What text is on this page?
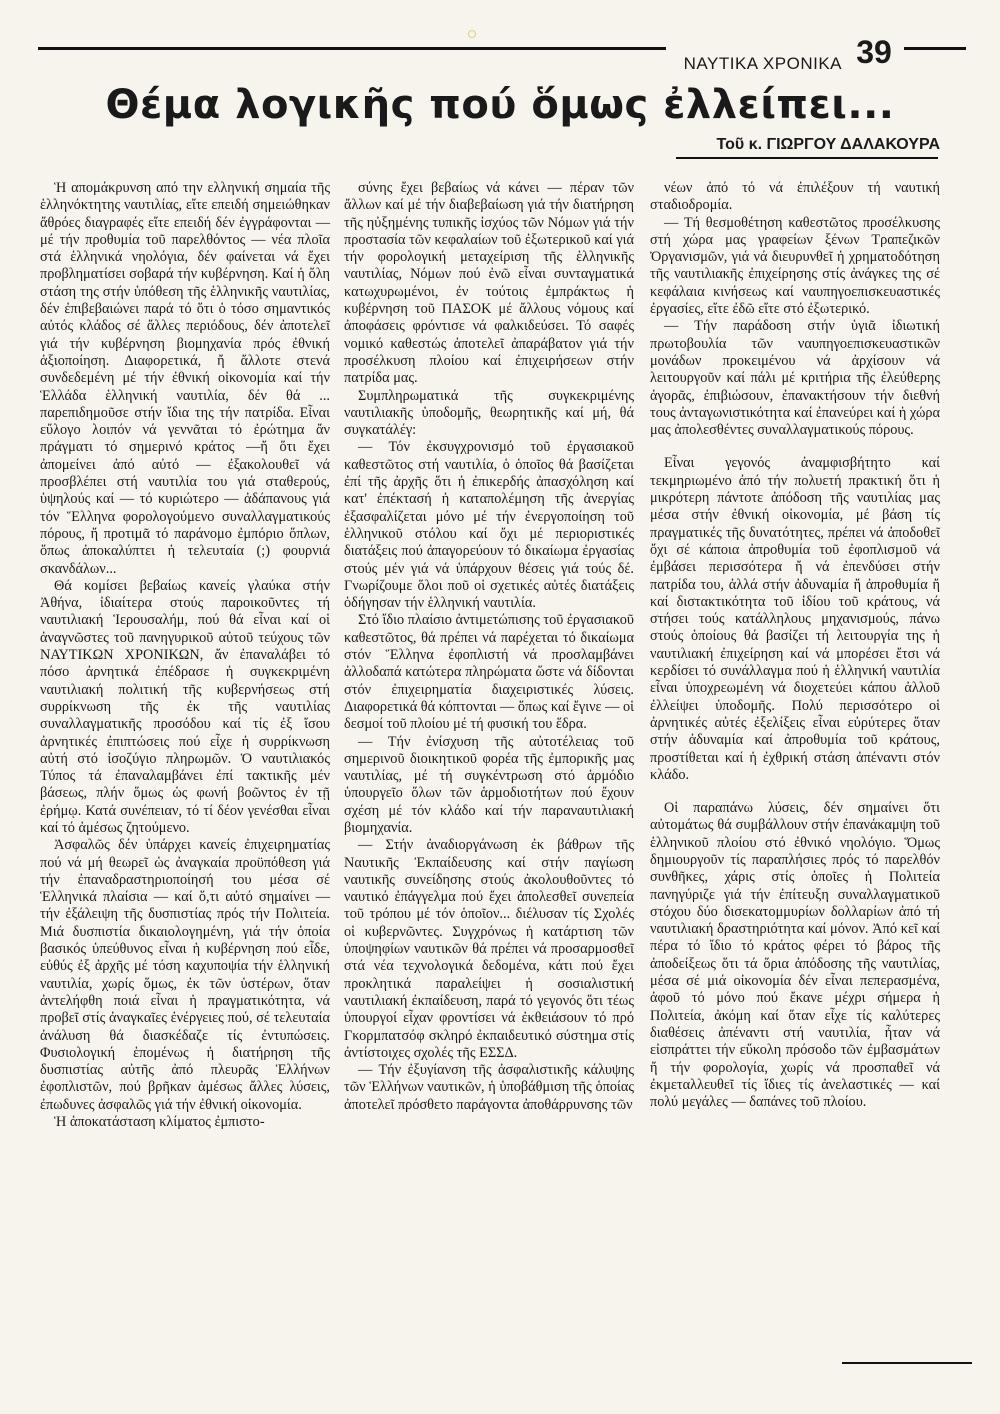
ΝΑΥΤΙΚΑ ΧΡΟΝΙΚΑ 39
Θέμα λογικῆς πού ὅμως ἐλλείπει...
Τοῦ κ. ΓΙΩΡΓΟΥ ΔΑΛΑΚΟΥΡΑ

Ἡ απομάκρυνση από την ελληνική σημαία τῆς ἑλληνόκτητης ναυτιλίας, εἴτε επειδή σημειώθηκαν ἄθρόες διαγραφές εἴτε επειδή δέν ἐγγράφονται — μέ τήν προθυμία τοῦ παρελθόντος — νέα πλοῖα στά ἑλληνικά νηολόγια, δέν φαίνεται νά ἔχει προβληματίσει σοβαρά τήν κυβέρνηση. Καί ἡ ὅλη στάση της στήν ὑπόθεση τῆς ἑλληνικῆς ναυτιλίας, δέν ἐπιβεβαιώνει παρά τό ὅτι ὁ τόσο σημαντικός αὐτός κλάδος σέ ἄλλες περιόδους, δέν ἀποτελεῖ γιά τήν κυβέρνηση βιομηχανία πρός ἐθνική ἀξιοποίηση. Διαφορετικά, ἤ ἄλλοτε στενά συνδεδεμένη μέ τήν ἐθνική οἰκονομία καί τήν Ἑλλάδα ἑλληνική ναυτιλία, δέν θά ... παρεπιδημοῦσε στήν ἴδια της τήν πατρίδα. Εἶναι εὔλογο λοιπόν νά γεννᾶται τό ἐρώτημα ἄν πράγματι τό σημερινό κράτος —ἤ ὅτι ἔχει ἀπομείνει ἀπό αὐτό — ἐξακολουθεῖ νά προσβλέπει στή ναυτιλία του γιά σταθερούς, ὑψηλούς καί — τό κυριώτερο — ἀδάπανους γιά τόν Ἕλληνα φορολογούμενο συναλλαγματικούς πόρους, ἤ προτιμᾶ τό παράνομο ἐμπόριο ὅπλων, ὅπως ἀποκαλύπτει ἡ τελευταία (;) φουρνιά σκανδάλων...

Θά κομίσει βεβαίως κανείς γλαύκα στήν Ἀθήνα, ἰδιαίτερα στούς παροικοῦντες τή ναυτιλιακή Ἱερουσαλήμ, πού θά εἶναι καί οἱ ἀναγνῶστες τοῦ πανηγυρικοῦ αὐτοῦ τεύχους τῶν ΝΑΥΤΙΚΩΝ ΧΡΟΝΙΚΩΝ, ἄν ἐπαναλάβει τό πόσο ἀρνητικά ἐπέδρασε ἡ συγκεκριμένη ναυτιλιακή πολιτική τῆς κυβερνήσεως στή συρρίκνωση τῆς ἐκ τῆς ναυτιλίας συναλλαγματικῆς προσόδου καί τίς ἐξ ἴσου ἀρνητικές ἐπιπτώσεις πού εἶχε ἡ συρρίκνωση αὐτή στό ἰσοζύγιο πληρωμῶν. Ὁ ναυτιλιακός Τύπος τά ἐπαναλαμβάνει ἐπί τακτικῆς μέν βάσεως, πλήν ὅμως ὡς φωνή βοῶντος ἐν τῇ ἐρήμῳ. Κατά συνέπειαν, τό τί δέον γενέσθαι εἶναι καί τό ἀμέσως ζητούμενο.

Ἀσφαλῶς δέν ὑπάρχει κανείς ἐπιχειρηματίας πού νά μή θεωρεῖ ὡς ἀναγκαία προϋπόθεση γιά τήν ἐπαναδραστηριοποίησή του μέσα σέ Ἑλληνικά πλαίσια — καί ὅ,τι αὐτό σημαίνει — τήν ἐξάλειψη τῆς δυσπιστίας πρός τήν Πολιτεία. Μιά δυσπιστία δικαιολογημένη, γιά τήν ὁποία βασικός ὑπεύθυνος εἶναι ἡ κυβέρνηση πού εἶδε, εὐθύς ἐξ ἀρχῆς μέ τόση καχυποψία τήν ἑλληνική ναυτιλία, χωρίς ὅμως, ἐκ τῶν ὑστέρων, ὅταν ἀντελήφθη ποιά εἶναι ἡ πραγματικότητα, νά προβεῖ στίς ἀναγκαῖες ἐνέργειες πού, σέ τελευταία ἀνάλυση θά διασκέδαζε τίς ἐντυπώσεις. Φυσιολογική ἑπομένως ἡ διατήρηση τῆς δυσπιστίας αὐτῆς ἀπό πλευρᾶς Ἑλλήνων ἐφοπλιστῶν, πού βρῆκαν ἀμέσως ἄλλες λύσεις, ἐπωδυνες ἀσφαλῶς γιά τήν ἐθνική οἰκονομία.

Ἡ ἀποκατάσταση κλίματος ἐμπιστο-

σύνης ἔχει βεβαίως νά κάνει — πέραν τῶν ἄλλων καί μέ τήν διαβεβαίωση γιά τήν διατήρηση τῆς ηὐξημένης τυπικῆς ἰσχύος τῶν Νόμων γιά τήν προστασία τῶν κεφαλαίων τοῦ ἐξωτερικοῦ καί γιά τήν φορολογική μεταχείριση τῆς ἑλληνικῆς ναυτιλίας, Νόμων πού ἐνῶ εἶναι συνταγματικά κατωχυρωμένοι, ἐν τούτοις ἐμπράκτως ἡ κυβέρνηση τοῦ ΠΑΣΟΚ μέ ἄλλους νόμους καί ἀποφάσεις φρόντισε νά φαλκιδεύσει. Τό σαφές νομικό καθεστώς ἀποτελεῖ ἀπαράβατον γιά τήν προσέλκυση πλοίου καί ἐπιχειρήσεων στήν πατρίδα μας.

Συμπληρωματικά τῆς συγκεκριμένης ναυτιλιακῆς ὑποδομῆς, θεωρητικῆς καί μή, θά συγκατάλέγ:

— Τόν ἐκσυγχρονισμό τοῦ ἐργασιακοῦ καθεστῶτος στή ναυτιλία, ὁ ὁποῖος θά βασίζεται ἐπί τῆς ἀρχῆς ὅτι ἡ ἐπικερδής ἀπασχόληση καί κατ' ἐπέκτασή ἡ καταπολέμηση τῆς ἀνεργίας ἐξασφαλίζεται μόνο μέ τήν ἐνεργοποίηση τοῦ ἑλληνικοῦ στόλου καί ὄχι μέ περιοριστικές διατάξεις πού ἀπαγορεύουν τό δικαίωμα ἐργασίας στούς μέν γιά νά ὑπάρχουν θέσεις γιά τούς δέ. Γνωρίζουμε ὅλοι ποῦ οἱ σχετικές αὐτές διατάξεις ὁδήγησαν τήν ἑλληνική ναυτιλία.

Στό ἴδιο πλαίσιο ἀντιμετώπισης τοῦ ἐργασιακοῦ καθεστῶτος, θά πρέπει νά παρέχεται τό δικαίωμα στόν Ἕλληνα ἐφοπλιστή νά προσλαμβάνει ἀλλοδαπά κατώτερα πληρώματα ὥστε νά δίδονται στόν ἐπιχειρηματία διαχειριστικές λύσεις. Διαφορετικά θά κόπτονται — ὅπως καί ἔγινε — οἱ δεσμοί τοῦ πλοίου μέ τή φυσική του ἕδρα.

— Τήν ἐνίσχυση τῆς αὐτοτέλειας τοῦ σημερινοῦ διοικητικοῦ φορέα τῆς ἐμπορικῆς μας ναυτιλίας, μέ τή συγκέντρωση στό ἁρμόδιο ὑπουργεῖο ὅλων τῶν ἁρμοδιοτήτων πού ἔχουν σχέση μέ τόν κλάδο καί τήν παραναυτιλιακή βιομηχανία.

— Στήν ἀναδιοργάνωση ἐκ βάθρων τῆς Ναυτικῆς Ἐκπαίδευσης καί στήν παγίωση ναυτικῆς συνείδησης στούς ἀκολουθοῦντες τό ναυτικό ἐπάγγελμα πού ἔχει ἀπολεσθεῖ συνεπεία τοῦ τρόπου μέ τόν ὁποῖον... διέλυσαν τίς Σχολές οἱ κυβερνῶντες. Συγχρόνως ἡ κατάρτιση τῶν ὑποψηφίων ναυτικῶν θά πρέπει νά προσαρμοσθεῖ στά νέα τεχνολογικά δεδομένα, κάτι πού ἔχει προκλητικά παραλείψει ἡ σοσιαλιστική ναυτιλιακή ἐκπαίδευση, παρά τό γεγονός ὅτι τέως ὑπουργοί εἶχαν φροντίσει νά ἐκθειάσουν τό πρό Γκορμπατσόφ σκληρό ἐκπαιδευτικό σύστημα στίς ἀντίστοιχες σχολές τῆς ΕΣΣΔ.

— Τήν ἐξυγίανση τῆς ἀσφαλιστικῆς κάλυψης τῶν Ἑλλήνων ναυτικῶν, ἡ ὑποβάθμιση τῆς ὁποίας ἀποτελεῖ πρόσθετο παράγοντα ἀποθάρρυνσης τῶν

νέων ἀπό τό νά ἐπιλέξουν τή ναυτική σταδιοδρομία.

— Τή θεσμοθέτηση καθεστῶτος προσέλκυσης στή χώρα μας γραφείων ξένων Τραπεζικῶν Ὀργανισμῶν, γιά νά διευρυνθεῖ ἡ χρηματοδότηση τῆς ναυτιλιακῆς ἐπιχείρησης στίς ἀνάγκες της σέ κεφάλαια κινήσεως καί ναυπηγοεπισκευαστικές ἐργασίες, εἴτε ἐδῶ εἴτε στό ἐξωτερικό.

— Τήν παράδοση στήν ὑγιᾶ ἰδιωτική πρωτοβουλία τῶν ναυπηγοεπισκευαστικῶν μονάδων προκειμένου νά ἀρχίσουν νά λειτουργοῦν καί πάλι μέ κριτήρια τῆς ἐλεύθερης ἀγορᾶς, ἐπιβιώσουν, ἐπανακτήσουν τήν διεθνή τους ἀνταγωνιστικότητα καί ἐπανεύρει καί ἡ χώρα μας ἀπολεσθέντες συναλλαγματικούς πόρους.

Εἶναι γεγονός ἀναμφισβήτητο καί τεκμηριωμένο ἀπό τήν πολυετή πρακτική ὅτι ἡ μικρότερη πάντοτε ἀπόδοση τῆς ναυτιλίας μας μέσα στήν ἐθνική οἰκονομία, μέ βάση τίς πραγματικές τῆς δυνατότητες, πρέπει νά ἀποδοθεῖ ὄχι σέ κάποια ἀπροθυμία τοῦ ἐφοπλισμοῦ νά ἐμβάσει περισσότερα ἤ νά ἐπενδύσει στήν πατρίδα του, ἀλλά στήν ἀδυναμία ἤ ἀπροθυμία ἤ καί διστακτικότητα τοῦ ἰδίου τοῦ κράτους, νά στήσει τούς κατάλληλους μηχανισμούς, πάνω στούς ὁποίους θά βασίζει τή λειτουργία της ἡ ναυτιλιακή ἐπιχείρηση καί νά μπορέσει ἔτσι νά κερδίσει τό συνάλλαγμα πού ἡ ἑλληνική ναυτιλία εἶναι ὑποχρεωμένη νά διοχετεύει κάπου ἀλλοῦ ἐλλείψει ὑποδομῆς. Πολύ περισσότερο οἱ ἀρνητικές αὐτές ἐξελίξεις εἶναι εὐρύτερες ὅταν στήν ἀδυναμία καί ἀπροθυμία τοῦ κράτους, προστίθεται καί ἡ ἐχθρική στάση ἀπέναντι στόν κλάδο.

Οἱ παραπάνω λύσεις, δέν σημαίνει ὅτι αὐτομάτως θά συμβάλλουν στήν ἐπανάκαμψη τοῦ ἑλληνικοῦ πλοίου στό ἐθνικό νηολόγιο. Ὅμως δημιουργοῦν τίς παραπλήσιες πρός τό παρελθόν συνθῆκες, χάρις στίς ὁποῖες ἡ Πολιτεία πανηγύριζε γιά τήν ἐπίτευξη συναλλαγματικοῦ στόχου δύο δισεκατομμυρίων δολλαρίων ἀπό τή ναυτιλιακή δραστηριότητα καί μόνον. Ἀπό κεῖ καί πέρα τό ἴδιο τό κράτος φέρει τό βάρος τῆς ἀποδείξεως ὅτι τά ὅρια ἀπόδοσης τῆς ναυτιλίας, μέσα σέ μιά οἰκονομία δέν εἶναι πεπερασμένα, ἀφοῦ τό μόνο πού ἔκανε μέχρι σήμερα ἡ Πολιτεία, ἀκόμη καί ὅταν εἶχε τίς καλύτερες διαθέσεις ἀπέναντι στή ναυτιλία, ἦταν νά εἰσπράττει τήν εὔκολη πρόσοδο τῶν ἐμβασμάτων ἤ τήν φορολογία, χωρίς νά προσπαθεῖ νά ἐκμεταλλευθεῖ τίς ἴδιες τίς ἀνελαστικές — καί πολύ μεγάλες — δαπάνες τοῦ πλοίου.
